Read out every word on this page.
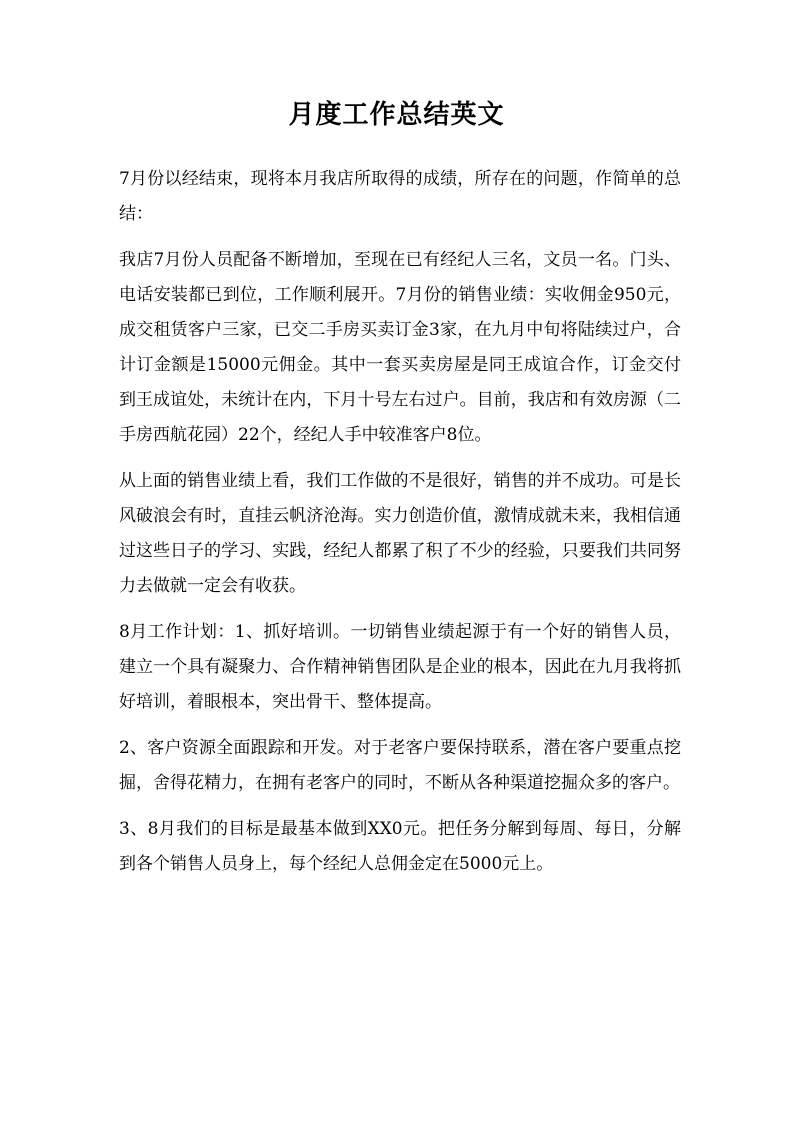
月度工作总结英文

7月份以经结束，现将本月我店所取得的成绩，所存在的问题，作简单的总结：

我店7月份人员配备不断增加，至现在已有经纪人三名，文员一名。门头、电话安装都已到位，工作顺利展开。7月份的销售业绩：实收佣金950元，成交租赁客户三家，已交二手房买卖订金3家，在九月中旬将陆续过户，合计订金额是15000元佣金。其中一套买卖房屋是同王成谊合作，订金交付到王成谊处，未统计在内，下月十号左右过户。目前，我店和有效房源（二手房西航花园）22个，经纪人手中较准客户8位。

从上面的销售业绩上看，我们工作做的不是很好，销售的并不成功。可是长风破浪会有时，直挂云帆济沧海。实力创造价值，激情成就未来，我相信通过这些日子的学习、实践，经纪人都累了积了不少的经验，只要我们共同努力去做就一定会有收获。

8月工作计划：1、抓好培训。一切销售业绩起源于有一个好的销售人员，建立一个具有凝聚力、合作精神销售团队是企业的根本，因此在九月我将抓好培训，着眼根本，突出骨干、整体提高。

2、客户资源全面跟踪和开发。对于老客户要保持联系，潜在客户要重点挖掘，舍得花精力，在拥有老客户的同时，不断从各种渠道挖掘众多的客户。

3、8月我们的目标是最基本做到XX0元。把任务分解到每周、每日，分解到各个销售人员身上，每个经纪人总佣金定在5000元上。
